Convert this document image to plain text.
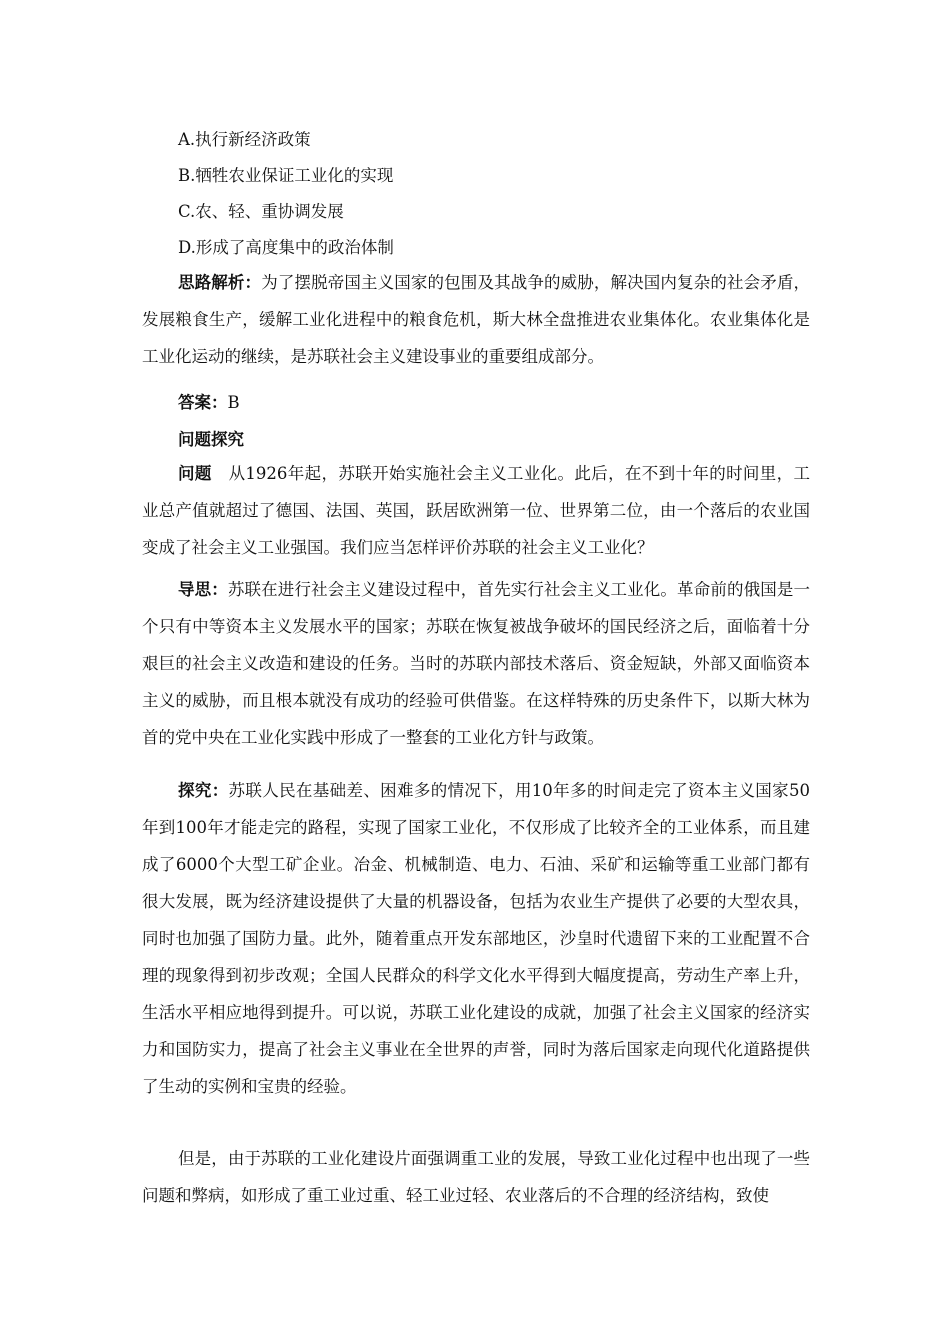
A.执行新经济政策
B.牺牲农业保证工业化的实现
C.农、轻、重协调发展
D.形成了高度集中的政治体制

思路解析：为了摆脱帝国主义国家的包围及其战争的威胁，解决国内复杂的社会矛盾，发展粮食生产，缓解工业化进程中的粮食危机，斯大林全盘推进农业集体化。农业集体化是工业化运动的继续，是苏联社会主义建设事业的重要组成部分。

答案：B
问题探究

问题　从1926年起，苏联开始实施社会主义工业化。此后，在不到十年的时间里，工业总产值就超过了德国、法国、英国，跃居欧洲第一位、世界第二位，由一个落后的农业国变成了社会主义工业强国。我们应当怎样评价苏联的社会主义工业化？

导思：苏联在进行社会主义建设过程中，首先实行社会主义工业化。革命前的俄国是一个只有中等资本主义发展水平的国家；苏联在恢复被战争破坏的国民经济之后，面临着十分艰巨的社会主义改造和建设的任务。当时的苏联内部技术落后、资金短缺，外部又面临资本主义的威胁，而且根本就没有成功的经验可供借鉴。在这样特殊的历史条件下，以斯大林为首的党中央在工业化实践中形成了一整套的工业化方针与政策。

探究：苏联人民在基础差、困难多的情况下，用10年多的时间走完了资本主义国家50年到100年才能走完的路程，实现了国家工业化，不仅形成了比较齐全的工业体系，而且建成了6000个大型工矿企业。冶金、机械制造、电力、石油、采矿和运输等重工业部门都有很大发展，既为经济建设提供了大量的机器设备，包括为农业生产提供了必要的大型农具，同时也加强了国防力量。此外，随着重点开发东部地区，沙皇时代遗留下来的工业配置不合理的现象得到初步改观；全国人民群众的科学文化水平得到大幅度提高，劳动生产率上升，生活水平相应地得到提升。可以说，苏联工业化建设的成就，加强了社会主义国家的经济实力和国防实力，提高了社会主义事业在全世界的声誉，同时为落后国家走向现代化道路提供了生动的实例和宝贵的经验。

但是，由于苏联的工业化建设片面强调重工业的发展，导致工业化过程中也出现了一些问题和弊病，如形成了重工业过重、轻工业过轻、农业落后的不合理的经济结构，致使
